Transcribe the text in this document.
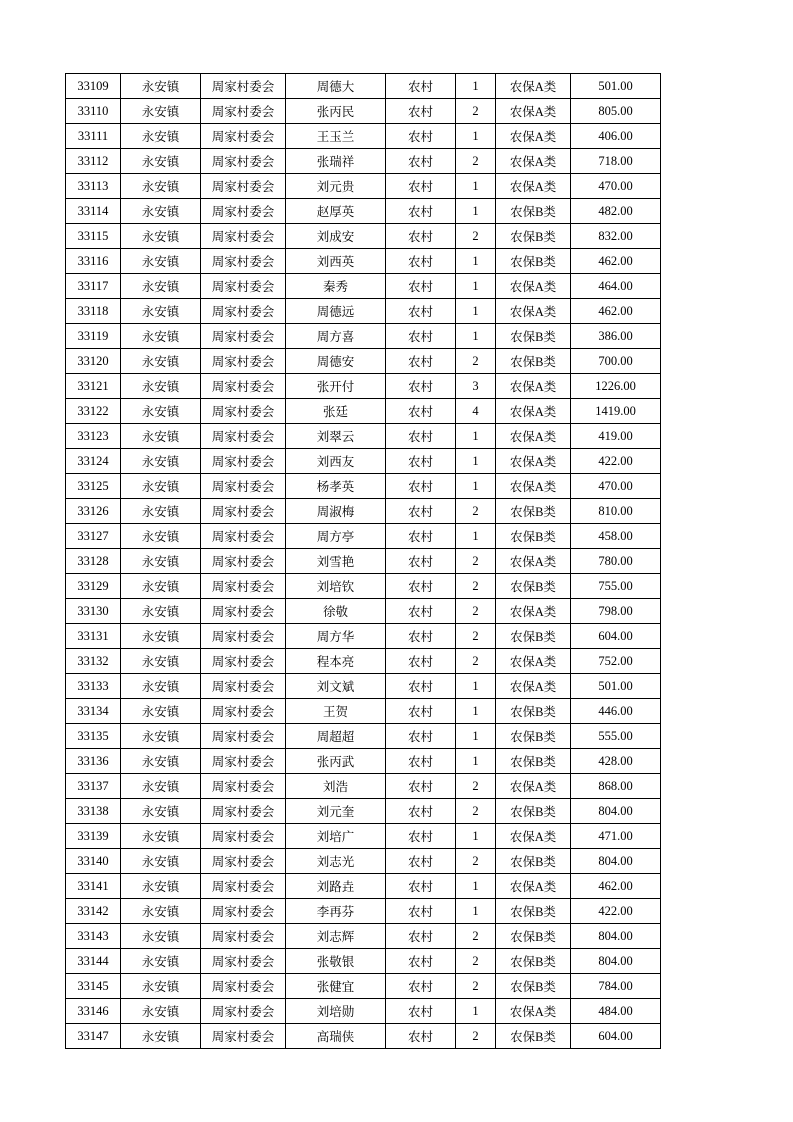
33109	永安镇	周家村委会	周德大	农村	1	农保A类	501.00
33110	永安镇	周家村委会	张丙民	农村	2	农保A类	805.00
33111	永安镇	周家村委会	王玉兰	农村	1	农保A类	406.00
33112	永安镇	周家村委会	张瑞祥	农村	2	农保A类	718.00
33113	永安镇	周家村委会	刘元贵	农村	1	农保A类	470.00
33114	永安镇	周家村委会	赵厚英	农村	1	农保B类	482.00
33115	永安镇	周家村委会	刘成安	农村	2	农保B类	832.00
33116	永安镇	周家村委会	刘西英	农村	1	农保B类	462.00
33117	永安镇	周家村委会	秦秀	农村	1	农保A类	464.00
33118	永安镇	周家村委会	周德远	农村	1	农保A类	462.00
33119	永安镇	周家村委会	周方喜	农村	1	农保B类	386.00
33120	永安镇	周家村委会	周德安	农村	2	农保B类	700.00
33121	永安镇	周家村委会	张开付	农村	3	农保A类	1226.00
33122	永安镇	周家村委会	张廷	农村	4	农保A类	1419.00
33123	永安镇	周家村委会	刘翠云	农村	1	农保A类	419.00
33124	永安镇	周家村委会	刘西友	农村	1	农保A类	422.00
33125	永安镇	周家村委会	杨孝英	农村	1	农保A类	470.00
33126	永安镇	周家村委会	周淑梅	农村	2	农保B类	810.00
33127	永安镇	周家村委会	周方亭	农村	1	农保B类	458.00
33128	永安镇	周家村委会	刘雪艳	农村	2	农保A类	780.00
33129	永安镇	周家村委会	刘培钦	农村	2	农保B类	755.00
33130	永安镇	周家村委会	徐敬	农村	2	农保A类	798.00
33131	永安镇	周家村委会	周方华	农村	2	农保B类	604.00
33132	永安镇	周家村委会	程本亮	农村	2	农保A类	752.00
33133	永安镇	周家村委会	刘文斌	农村	1	农保A类	501.00
33134	永安镇	周家村委会	王贺	农村	1	农保B类	446.00
33135	永安镇	周家村委会	周超超	农村	1	农保B类	555.00
33136	永安镇	周家村委会	张丙武	农村	1	农保B类	428.00
33137	永安镇	周家村委会	刘浩	农村	2	农保A类	868.00
33138	永安镇	周家村委会	刘元奎	农村	2	农保B类	804.00
33139	永安镇	周家村委会	刘培广	农村	1	农保A类	471.00
33140	永安镇	周家村委会	刘志光	农村	2	农保B类	804.00
33141	永安镇	周家村委会	刘路垚	农村	1	农保A类	462.00
33142	永安镇	周家村委会	李再芬	农村	1	农保B类	422.00
33143	永安镇	周家村委会	刘志辉	农村	2	农保B类	804.00
33144	永安镇	周家村委会	张敬银	农村	2	农保B类	804.00
33145	永安镇	周家村委会	张健宜	农村	2	农保B类	784.00
33146	永安镇	周家村委会	刘培勋	农村	1	农保A类	484.00
33147	永安镇	周家村委会	高瑞侠	农村	2	农保B类	604.00
